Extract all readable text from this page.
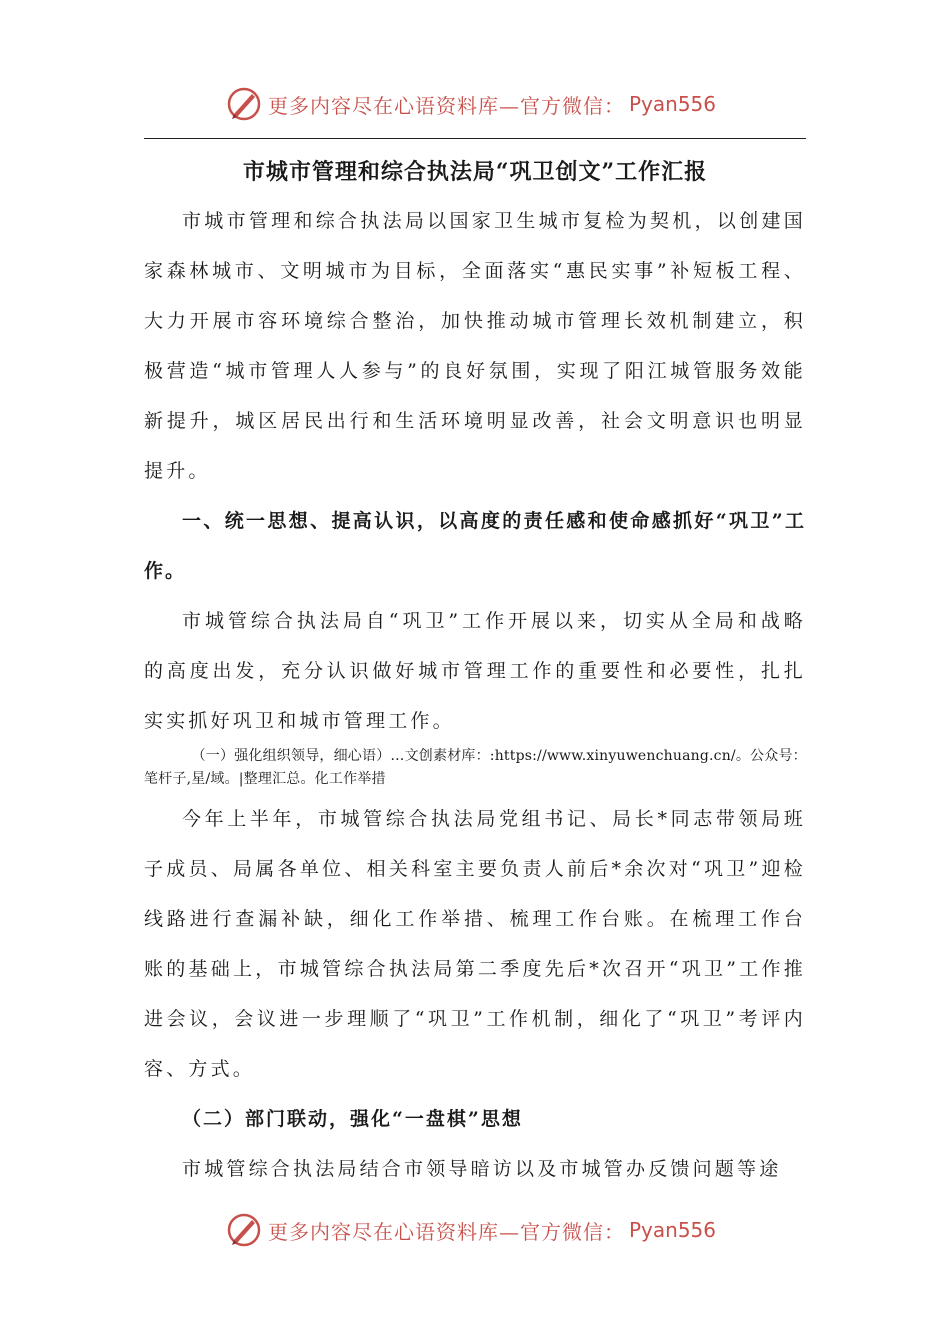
更多内容尽在心语资料库—官方微信： Pyan556
市城市管理和综合执法局“巩卫创文”工作汇报
市城市管理和综合执法局以国家卫生城市复检为契机，以创建国家森林城市、文明城市为目标，全面落实“惠民实事”补短板工程、大力开展市容环境综合整治，加快推动城市管理长效机制建立，积极营造“城市管理人人参与”的良好氛围，实现了阳江城管服务效能新提升，城区居民出行和生活环境明显改善，社会文明意识也明显提升。
一、统一思想、提高认识，以高度的责任感和使命感抓好“巩卫”工作。
市城管综合执法局自“巩卫”工作开展以来，切实从全局和战略的高度出发，充分认识做好城市管理工作的重要性和必要性，扎扎实实抓好巩卫和城市管理工作。
（一）强化组织领导，细心语）…文创素材库：:https://www.xinyuwenchuang.cn/。公众号：笔杆子,星/域。|整理汇总。化工作举措
今年上半年，市城管综合执法局党组书记、局长*同志带领局班子成员、局属各单位、相关科室主要负责人前后*余次对“巩卫”迎检线路进行查漏补缺，细化工作举措、梳理工作台账。在梳理工作台账的基础上，市城管综合执法局第二季度先后*次召开“巩卫”工作推进会议，会议进一步理顺了“巩卫”工作机制，细化了“巩卫”考评内容、方式。
（二）部门联动，强化“一盘棋”思想
市城管综合执法局结合市领导暗访以及市城管办反馈问题等途
更多内容尽在心语资料库—官方微信： Pyan556
